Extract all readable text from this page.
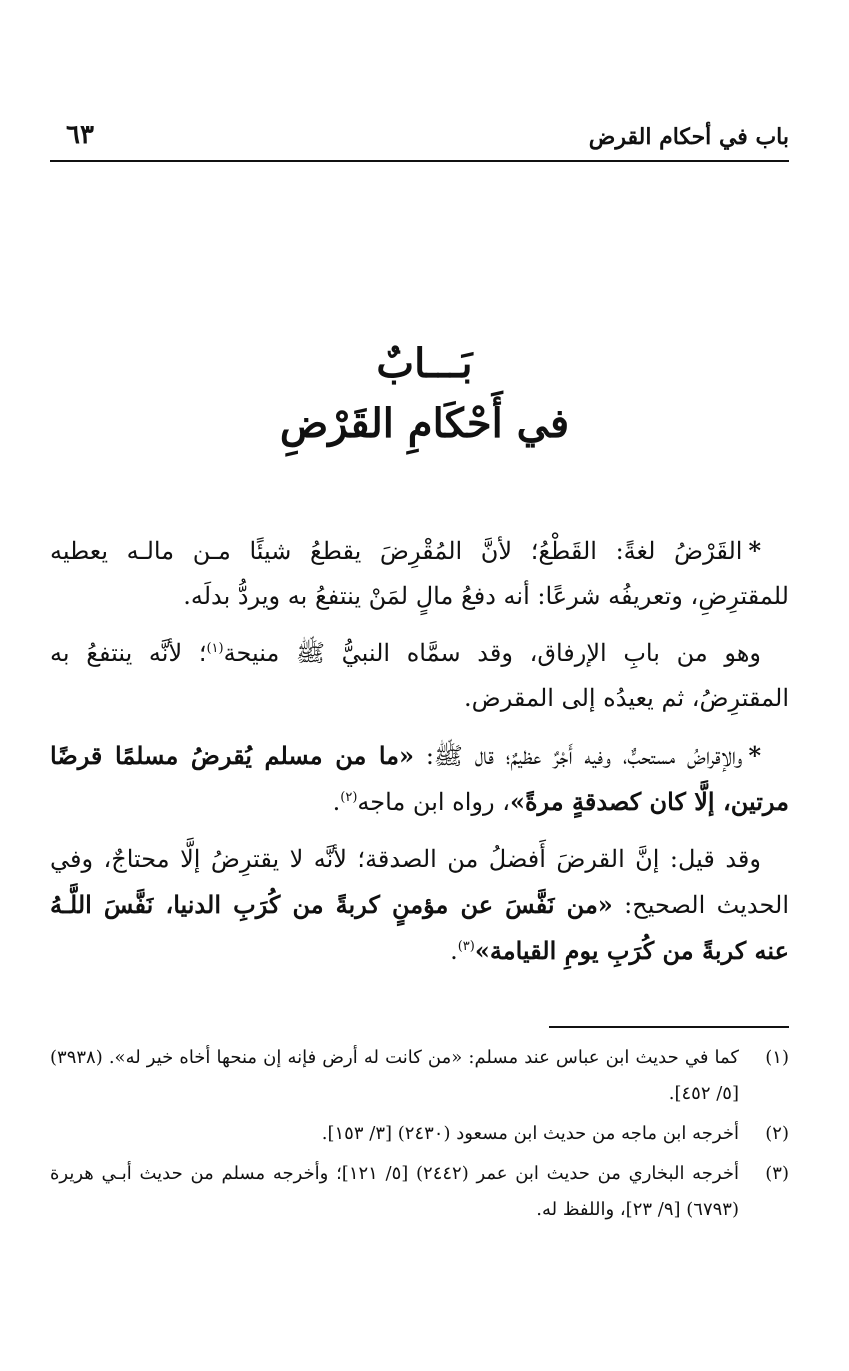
باب في أحكام القرض
٦٣
بَـــابٌ
في أَحْكَامِ القَرْضِ

*القَرْضُ لغةً: القَطْعُ؛ لأنَّ المُقْرِضَ يقطعُ شيئًا مـن مالـه يعطيه للمقترِضِ، وتعريفُه شرعًا: أنه دفعُ مالٍ لمَنْ ينتفعُ به ويردُّ بدلَه.

وهو من بابِ الإرفاق، وقد سمَّاه النبيُّ ﷺ منيحة$^{(١)}$؛ لأنَّه ينتفعُ به المقترِضُ، ثم يعيدُه إلى المقرض.

*والإقراضُ مستحبٌّ، وفيه أَجْرٌ عظيمٌ؛ قال ﷺ: «ما من مسلم يُقرضُ مسلمًا قرضًا مرتين، إلَّا كان كصدقةٍ مرةً»، رواه ابن ماجه$^{(٢)}$.

وقد قيل: إنَّ القرضَ أَفضلُ من الصدقة؛ لأنَّه لا يقترِضُ إلَّا محتاجٌ، وفي الحديث الصحيح: «من نَفَّسَ عن مؤمنٍ كربةً من كُرَبِ الدنيا، نَفَّسَ اللَّـهُ عنه كربةً من كُرَبِ يومِ القيامة»$^{(٣)}$.

(١)
كما في حديث ابن عباس عند مسلم: «من كانت له أرض فإنه إن منحها أخاه خير له». (٣٩٣٨) [٥/ ٤٥٢].
(٢)
أخرجه ابن ماجه من حديث ابن مسعود (٢٤٣٠) [٣/ ١٥٣].
(٣)
أخرجه البخاري من حديث ابن عمر (٢٤٤٢) [٥/ ١٢١]؛ وأخرجه مسلم من حديث أبـي هريرة (٦٧٩٣) [٩/ ٢٣]، واللفظ له.
